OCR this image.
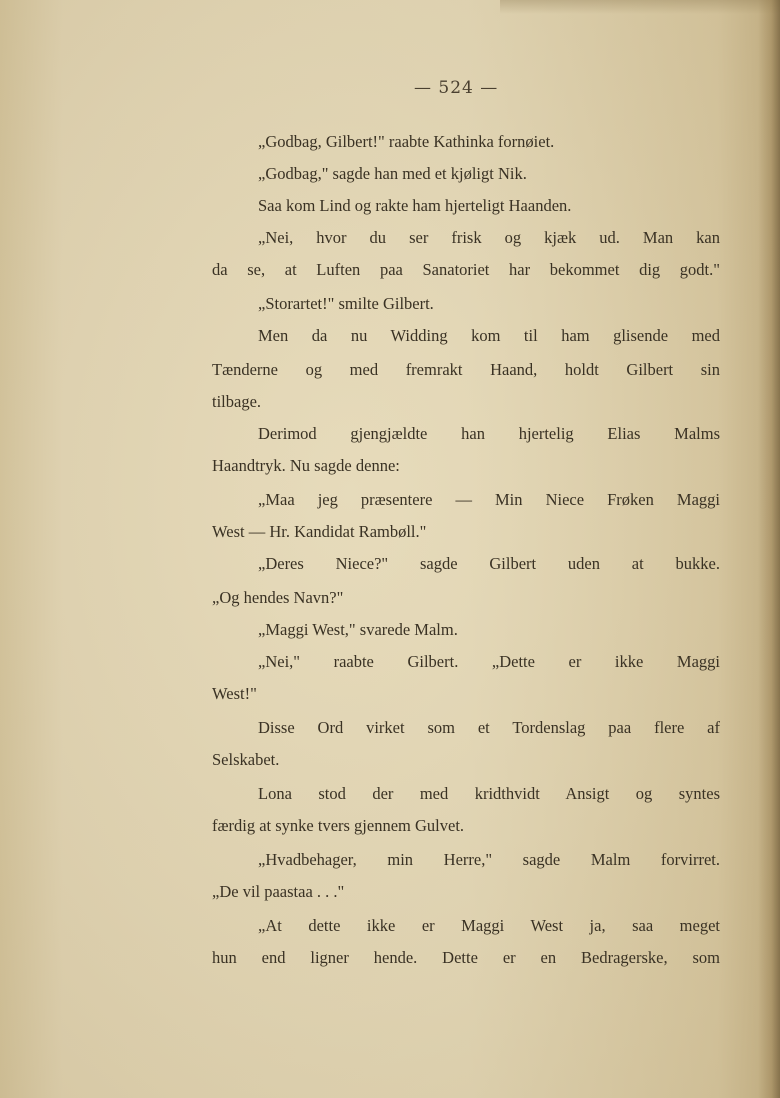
— 524 —
„Godbag, Gilbert!" raabte Kathinka fornøiet.
„Godbag," sagde han med et kjøligt Nik.
Saa kom Lind og rakte ham hjerteligt Haanden.
„Nei, hvor du ser frisk og kjæk ud. Man kan
da se, at Luften paa Sanatoriet har bekommet dig godt."
„Storartet!" smilte Gilbert.
Men da nu Widding kom til ham glisende med
Tænderne og med fremrakt Haand, holdt Gilbert sin
tilbage.
Derimod gjengjældte han hjertelig Elias Malms
Haandtryk. Nu sagde denne:
„Maa jeg præsentere — Min Niece Frøken Maggi
West — Hr. Kandidat Rambøll."
„Deres Niece?" sagde Gilbert uden at bukke.
„Og hendes Navn?"
„Maggi West," svarede Malm.
„Nei," raabte Gilbert. „Dette er ikke Maggi
West!"
Disse Ord virket som et Tordenslag paa flere af
Selskabet.
Lona stod der med kridthvidt Ansigt og syntes
færdig at synke tvers gjennem Gulvet.
„Hvadbehager, min Herre," sagde Malm forvirret.
„De vil paastaa . . ."
„At dette ikke er Maggi West ja, saa meget
hun end ligner hende. Dette er en Bedragerske, som
